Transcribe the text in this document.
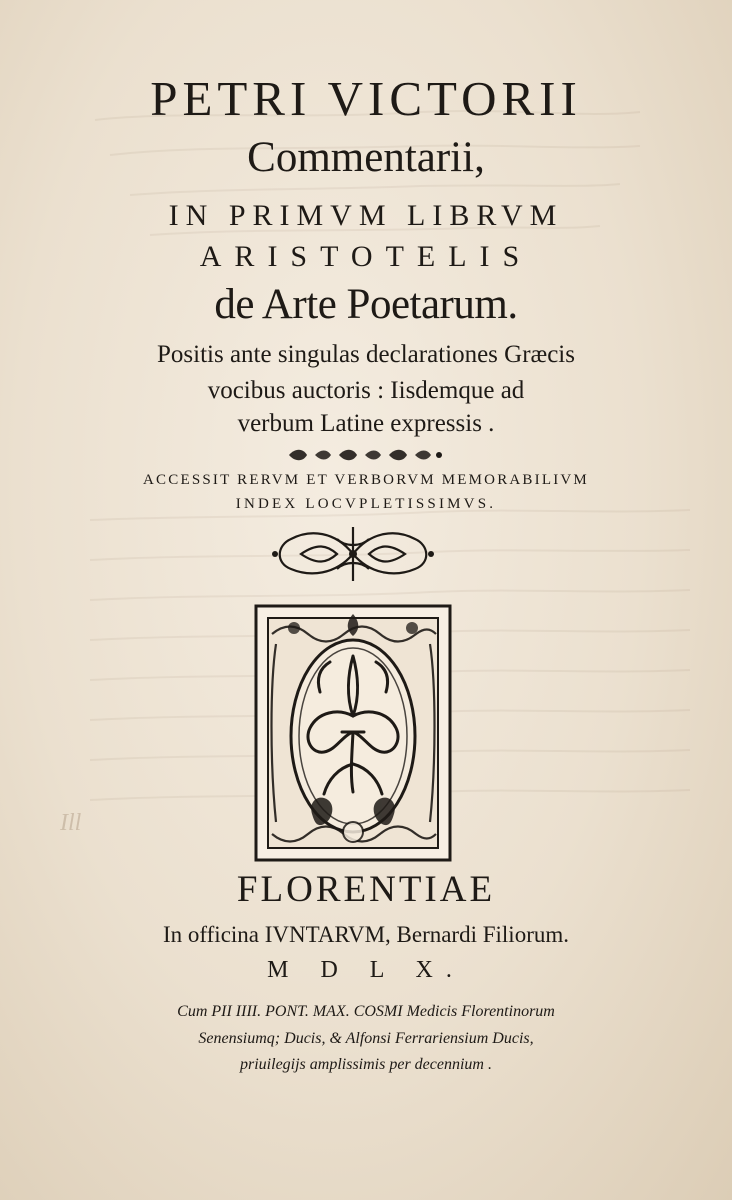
PETRI VICTORII
Commentarii,
IN PRIMVM LIBRVM
ARISTOTELIS
de Arte Poetarum.
Positis ante singulas declarationes Græcis
vocibus auctoris : Iisdemque ad
verbum Latine expressis .
ACCESSIT RERVM ET VERBORVM MEMORABILIVM
INDEX LOCVPLETISSIMVS.
Ill
FLORENTIAE
In officina IVNTARVM, Bernardi Filiorum.
M D L X.
Cum PII IIII. PONT. MAX. COSMI Medicis Florentinorum
Senensiumq; Ducis, & Alfonsi Ferrariensium Ducis,
priuilegijs amplissimis per decennium .
